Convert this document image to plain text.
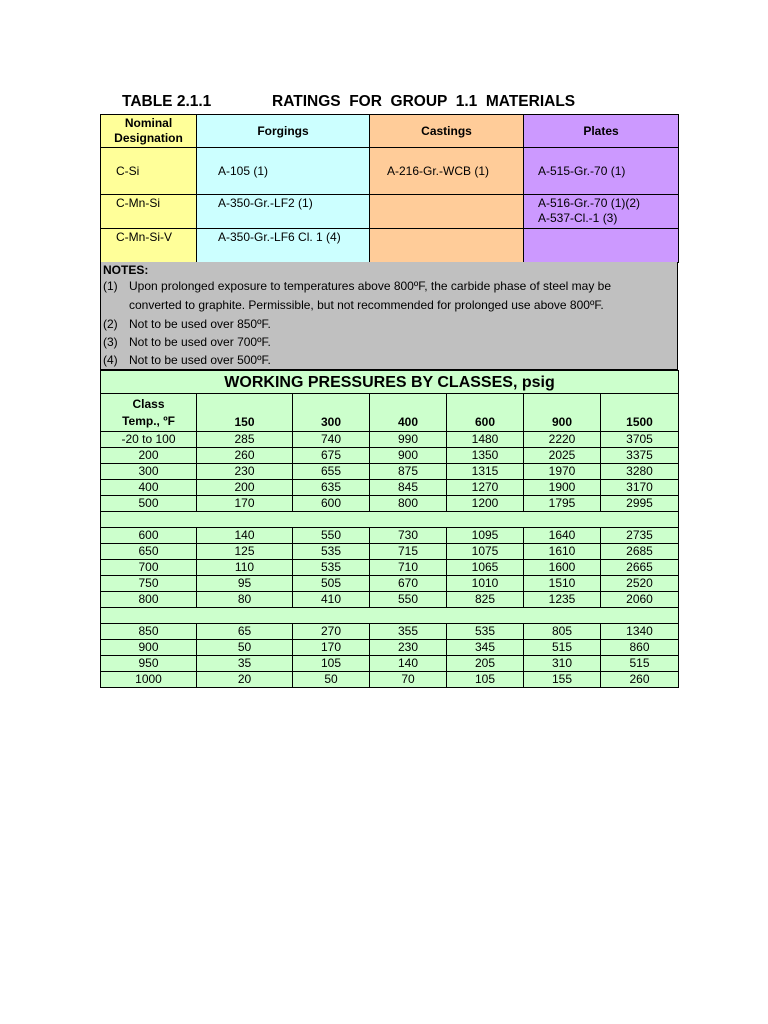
TABLE 2.1.1

	RATINGS  FOR  GROUP  1.1  MATERIALS

Nominal
Designation	Forgings	Castings	Plates
C-Si	A-105 (1)	A-216-Gr.-WCB (1)	A-515-Gr.-70 (1)
C-Mn-Si	A-350-Gr.-LF2 (1)		A-516-Gr.-70 (1)(2)
A-537-Cl.-1 (3)

C-Mn-Si-V	A-350-Gr.-LF6 Cl. 1 (4)		
NOTES:
(1) Upon prolonged exposure to temperatures above 800ºF, the carbide phase of steel may be
converted to graphite. Permissible, but not recommended for prolonged use above 800ºF.
(2) Not to be used over 850ºF.
(3) Not to be used over 700ºF.
(4) Not to be used over 500ºF.
WORKING PRESSURES BY CLASSES, psig						

Class
Temp., ºF	150	300	400	600	900	1500
-20 to 100	285	740	990	1480	2220	3705
200	260	675	900	1350	2025	3375
300	230	655	875	1315	1970	3280
400	200	635	845	1270	1900	3170
500	170	600	800	1200	1795	2995

600	140	550	730	1095	1640	2735
650	125	535	715	1075	1610	2685
700	110	535	710	1065	1600	2665
750	95	505	670	1010	1510	2520
800	80	410	550	825	1235	2060

850	65	270	355	535	805	1340
900	50	170	230	345	515	860
950	35	105	140	205	310	515
1000	20	50	70	105	155	260
